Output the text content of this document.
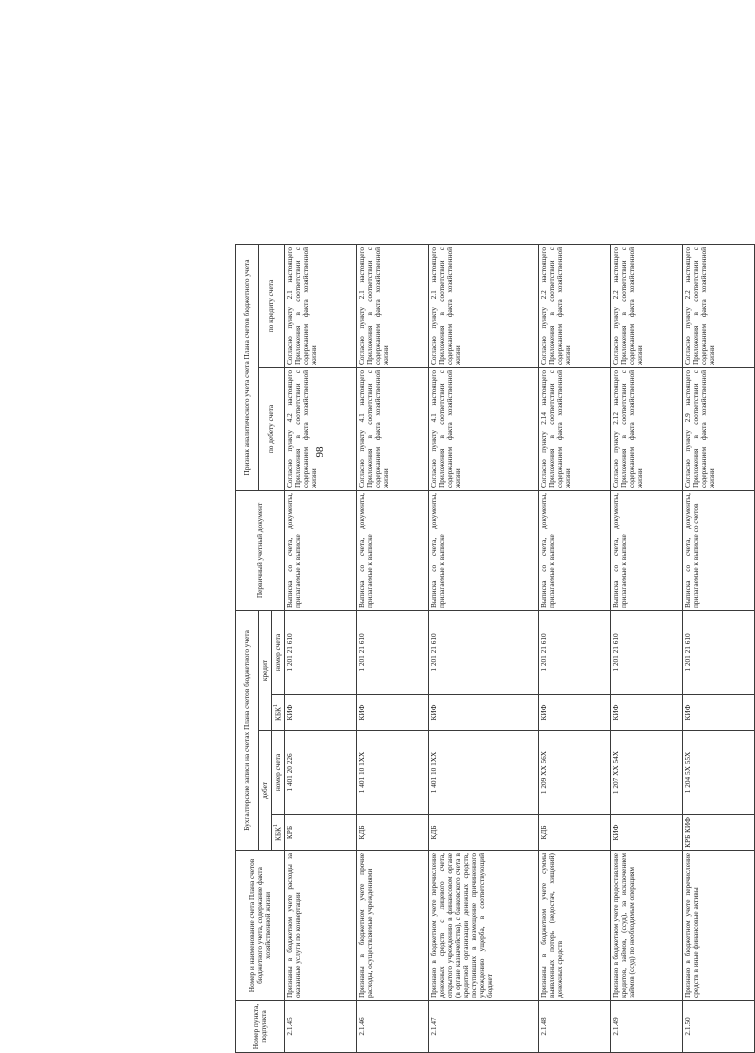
98
Номер пункта, подпункта	Номер и наименование счета Плана счетов бюджетного учета, содержание факта хозяйственной жизни	Бухгалтерские записи на счетах Плана счетов бюджетного учета				Первичный учетный документ	Признак аналитического учета счета Плана счетов бюджетного учета	
		дебет		кредит			по дебету счета	по кредиту счета
		КБК$^1$	номер счета	КБК$^1$	номер счета			
2.1.45	Признаны в бюджетном учете расходы за оказанные услуги по конвертации	КРБ	1 401 20 226	КИФ	1 201 21 610	Выписка со счета, документы, прилагаемые к выписке	Согласно пункту 4.2 настоящего Приложения в соответствии с содержанием факта хозяйственной жизни	Согласно пункту 2.1 настоящего Приложения в соответствии с содержанием факта хозяйственной жизни
2.1.46	Признаны в бюджетном учете прочие расходы, осуществляемые учреждениями	КДБ	1 401 10 1XX	КИФ	1 201 21 610	Выписка со счета, документы, прилагаемые к выписке	Согласно пункту 4.1 настоящего Приложения в соответствии с содержанием факта хозяйственной жизни	Согласно пункту 2.1 настоящего Приложения в соответствии с содержанием факта хозяйственной жизни
2.1.47	Признано в бюджетном учете перечисление денежных средств с лицевого счета, открытого учреждению в финансовом органе (в органе казначейства), с банковского счета в кредитной организации денежных средств, поступивших в возмещение причиненного учреждению ущерба, в соответствующий бюджет	КДБ	1 401 10 1XX	КИФ	1 201 21 610	Выписка со счета, документы, прилагаемые к выписке	Согласно пункту 4.1 настоящего Приложения в соответствии с содержанием факта хозяйственной жизни	Согласно пункту 2.1 настоящего Приложения в соответствии с содержанием факта хозяйственной жизни
2.1.48	Признаны в бюджетном учете суммы выявленных потерь (недостач, хищений) денежных средств	КДБ	1 209 XX 56X	КИФ	1 201 21 610	Выписка со счета, документы, прилагаемые к выписке	Согласно пункту 2.14 настоящего Приложения в соответствии с содержанием факта хозяйственной жизни	Согласно пункту 2.2 настоящего Приложения в соответствии с содержанием факта хозяйственной жизни
2.1.49	Признано в бюджетном учете предоставление кредитов, займов, (ссуд), за исключением займов (ссуд) по необходимым операциям	КИФ	1 207 XX 54X	КИФ	1 201 21 610	Выписка со счета, документы, прилагаемые к выписке	Согласно пункту 2.12 настоящего Приложения в соответствии с содержанием факта хозяйственной жизни	Согласно пункту 2.2 настоящего Приложения в соответствии с содержанием факта хозяйственной жизни
2.1.50	Признано в бюджетном учете перечисление средств в иные финансовые активы	КРБ КИФ	1 204 5X 55X	КИФ	1 201 21 610	Выписка со счета, документы, прилагаемые к выписке со счетов	Согласно пункту 2.9 настоящего Приложения в соответствии с содержанием факта хозяйственной жизни	Согласно пункту 2.2 настоящего Приложения в соответствии с содержанием факта хозяйственной жизни
